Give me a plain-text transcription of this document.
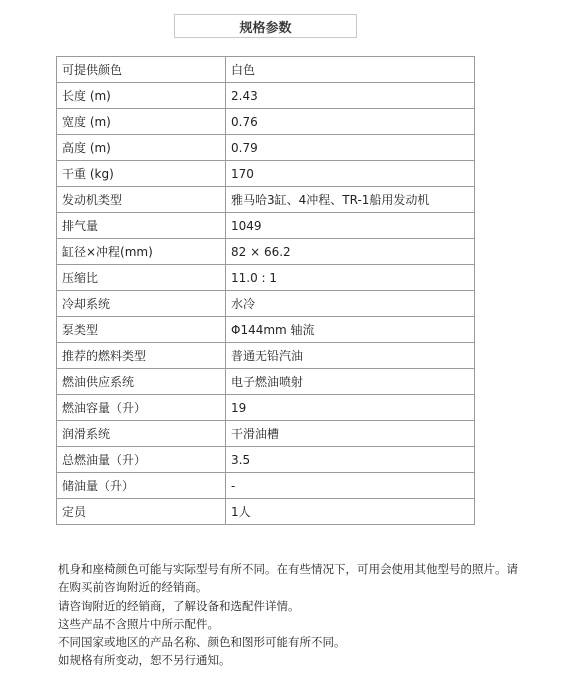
规格参数
可提供颜色	白色
长度 (m)	2.43
宽度 (m)	0.76
高度 (m)	0.79
干重 (kg)	170
发动机类型	雅马哈3缸、4冲程、TR-1船用发动机
排气量	1049
缸径×冲程(mm)	82 × 66.2
压缩比	11.0 : 1
冷却系统	水冷
泵类型	Φ144mm 轴流
推荐的燃料类型	普通无铅汽油
燃油供应系统	电子燃油喷射
燃油容量（升）	19
润滑系统	干滑油槽
总燃油量（升）	3.5
储油量（升）	-
定员	1人
机身和座椅颜色可能与实际型号有所不同。在有些情况下，可用会使用其他型号的照片。请在购买前咨询附近的经销商。
请咨询附近的经销商，了解设备和选配件详情。
这些产品不含照片中所示配件。
不同国家或地区的产品名称、颜色和图形可能有所不同。
如规格有所变动，恕不另行通知。
